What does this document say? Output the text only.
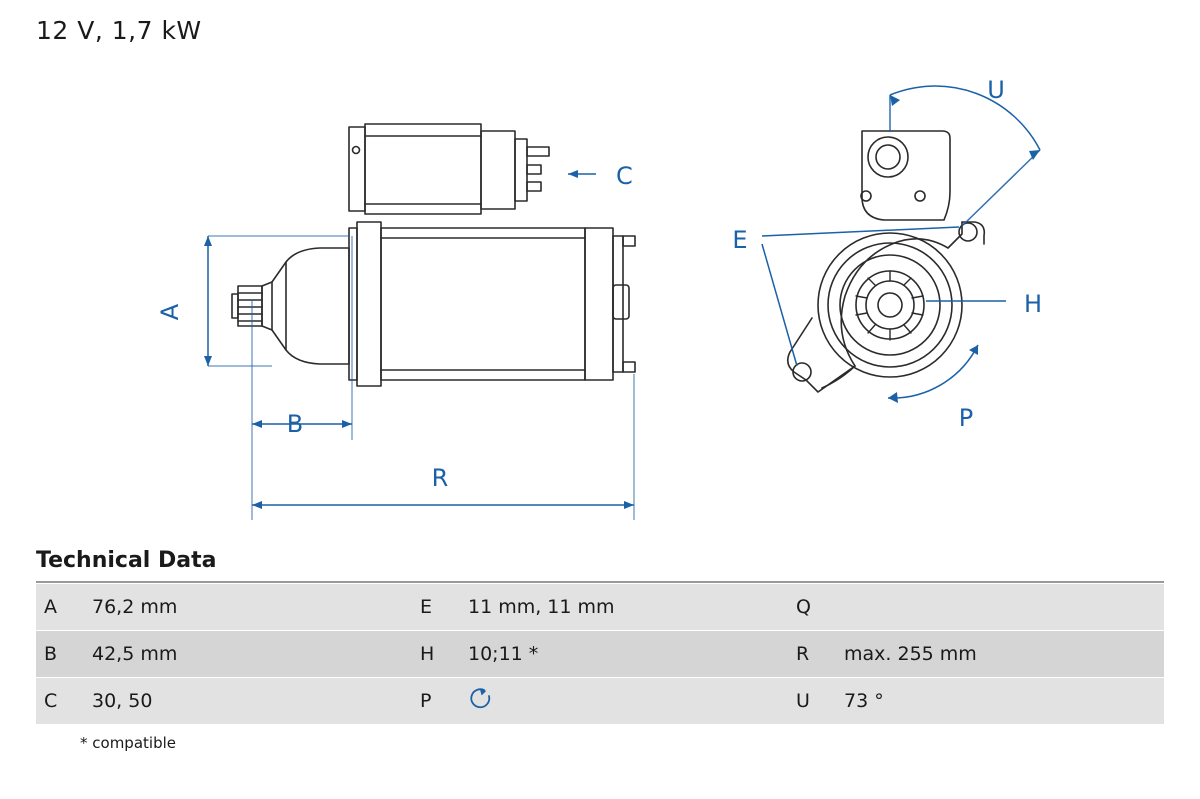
12 V, 1,7 kW
A
B
C
R
E
H
P
U
Technical Data
A	76,2 mm	E	11 mm, 11 mm	Q	
B	42,5 mm	H	10;11 *	R	max. 255 mm
C	30, 50	P		U	73 °
* compatible
